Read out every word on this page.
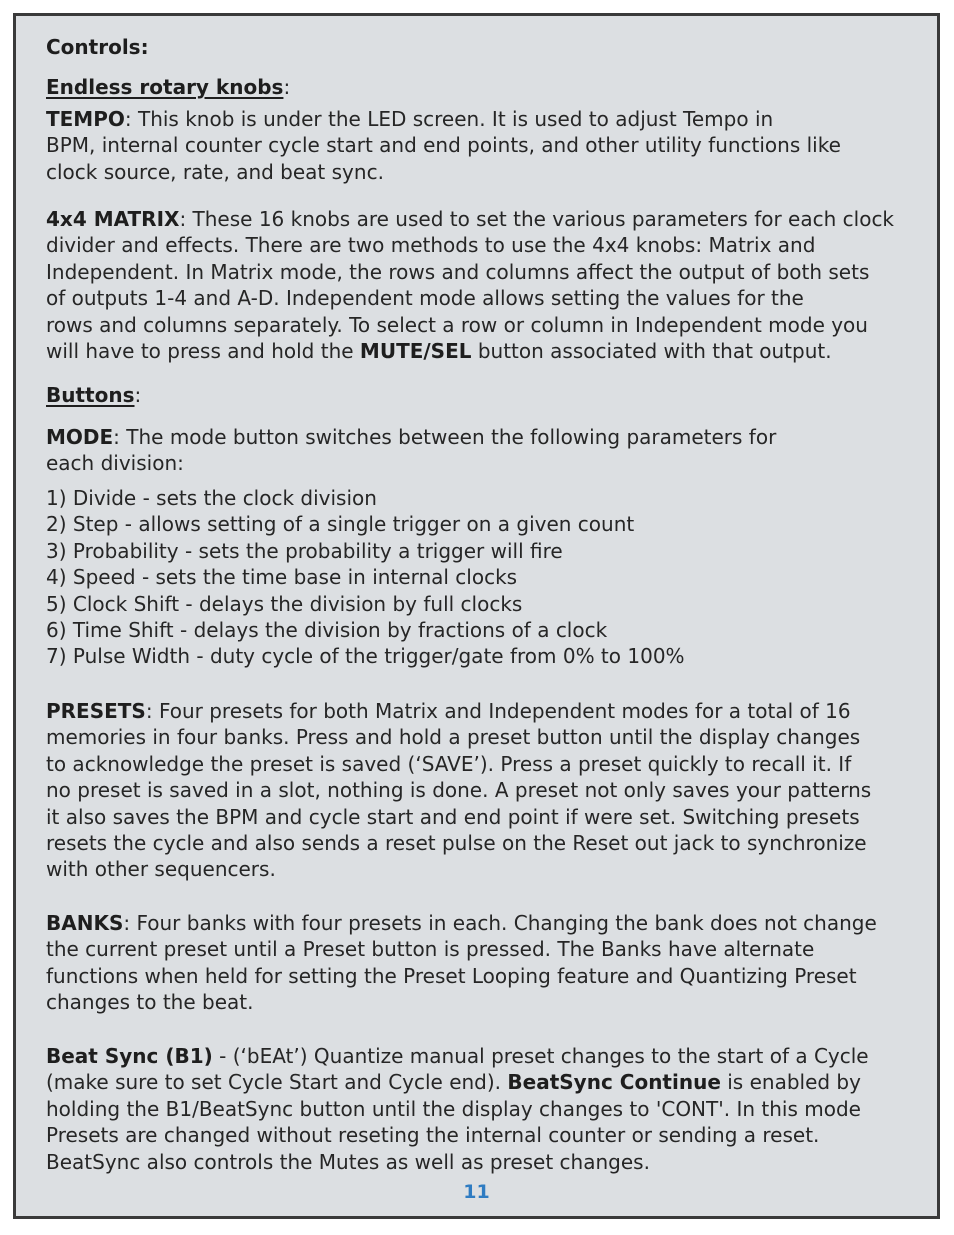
Controls:
Endless rotary knobs:
TEMPO: This knob is under the LED screen. It is used to adjust Tempo in
BPM, internal counter cycle start and end points, and other utility functions like
clock source, rate, and beat sync.
4x4 MATRIX: These 16 knobs are used to set the various parameters for each clock
divider and effects. There are two methods to use the 4x4 knobs: Matrix and
Independent. In Matrix mode, the rows and columns affect the output of both sets
of outputs 1-4 and A-D. Independent mode allows setting the values for the
rows and columns separately. To select a row or column in Independent mode you
will have to press and hold the MUTE/SEL button associated with that output.
Buttons:
MODE: The mode button switches between the following parameters for
each division:
1) Divide - sets the clock division
2) Step - allows setting of a single trigger on a given count
3) Probability - sets the probability a trigger will fire
4) Speed - sets the time base in internal clocks
5) Clock Shift - delays the division by full clocks
6) Time Shift - delays the division by fractions of a clock
7) Pulse Width - duty cycle of the trigger/gate from 0% to 100%
PRESETS: Four presets for both Matrix and Independent modes for a total of 16
memories in four banks. Press and hold a preset button until the display changes
to acknowledge the preset is saved (‘SAVE’). Press a preset quickly to recall it. If
no preset is saved in a slot, nothing is done. A preset not only saves your patterns
it also saves the BPM and cycle start and end point if were set. Switching presets
resets the cycle and also sends a reset pulse on the Reset out jack to synchronize
with other sequencers.
BANKS: Four banks with four presets in each. Changing the bank does not change
the current preset until a Preset button is pressed. The Banks have alternate
functions when held for setting the Preset Looping feature and Quantizing Preset
changes to the beat.
Beat Sync (B1) - (‘bEAt’) Quantize manual preset changes to the start of a Cycle
(make sure to set Cycle Start and Cycle end). BeatSync Continue is enabled by
holding the B1/BeatSync button until the display changes to 'CONT'. In this mode
Presets are changed without reseting the internal counter or sending a reset.
BeatSync also controls the Mutes as well as preset changes.
11
